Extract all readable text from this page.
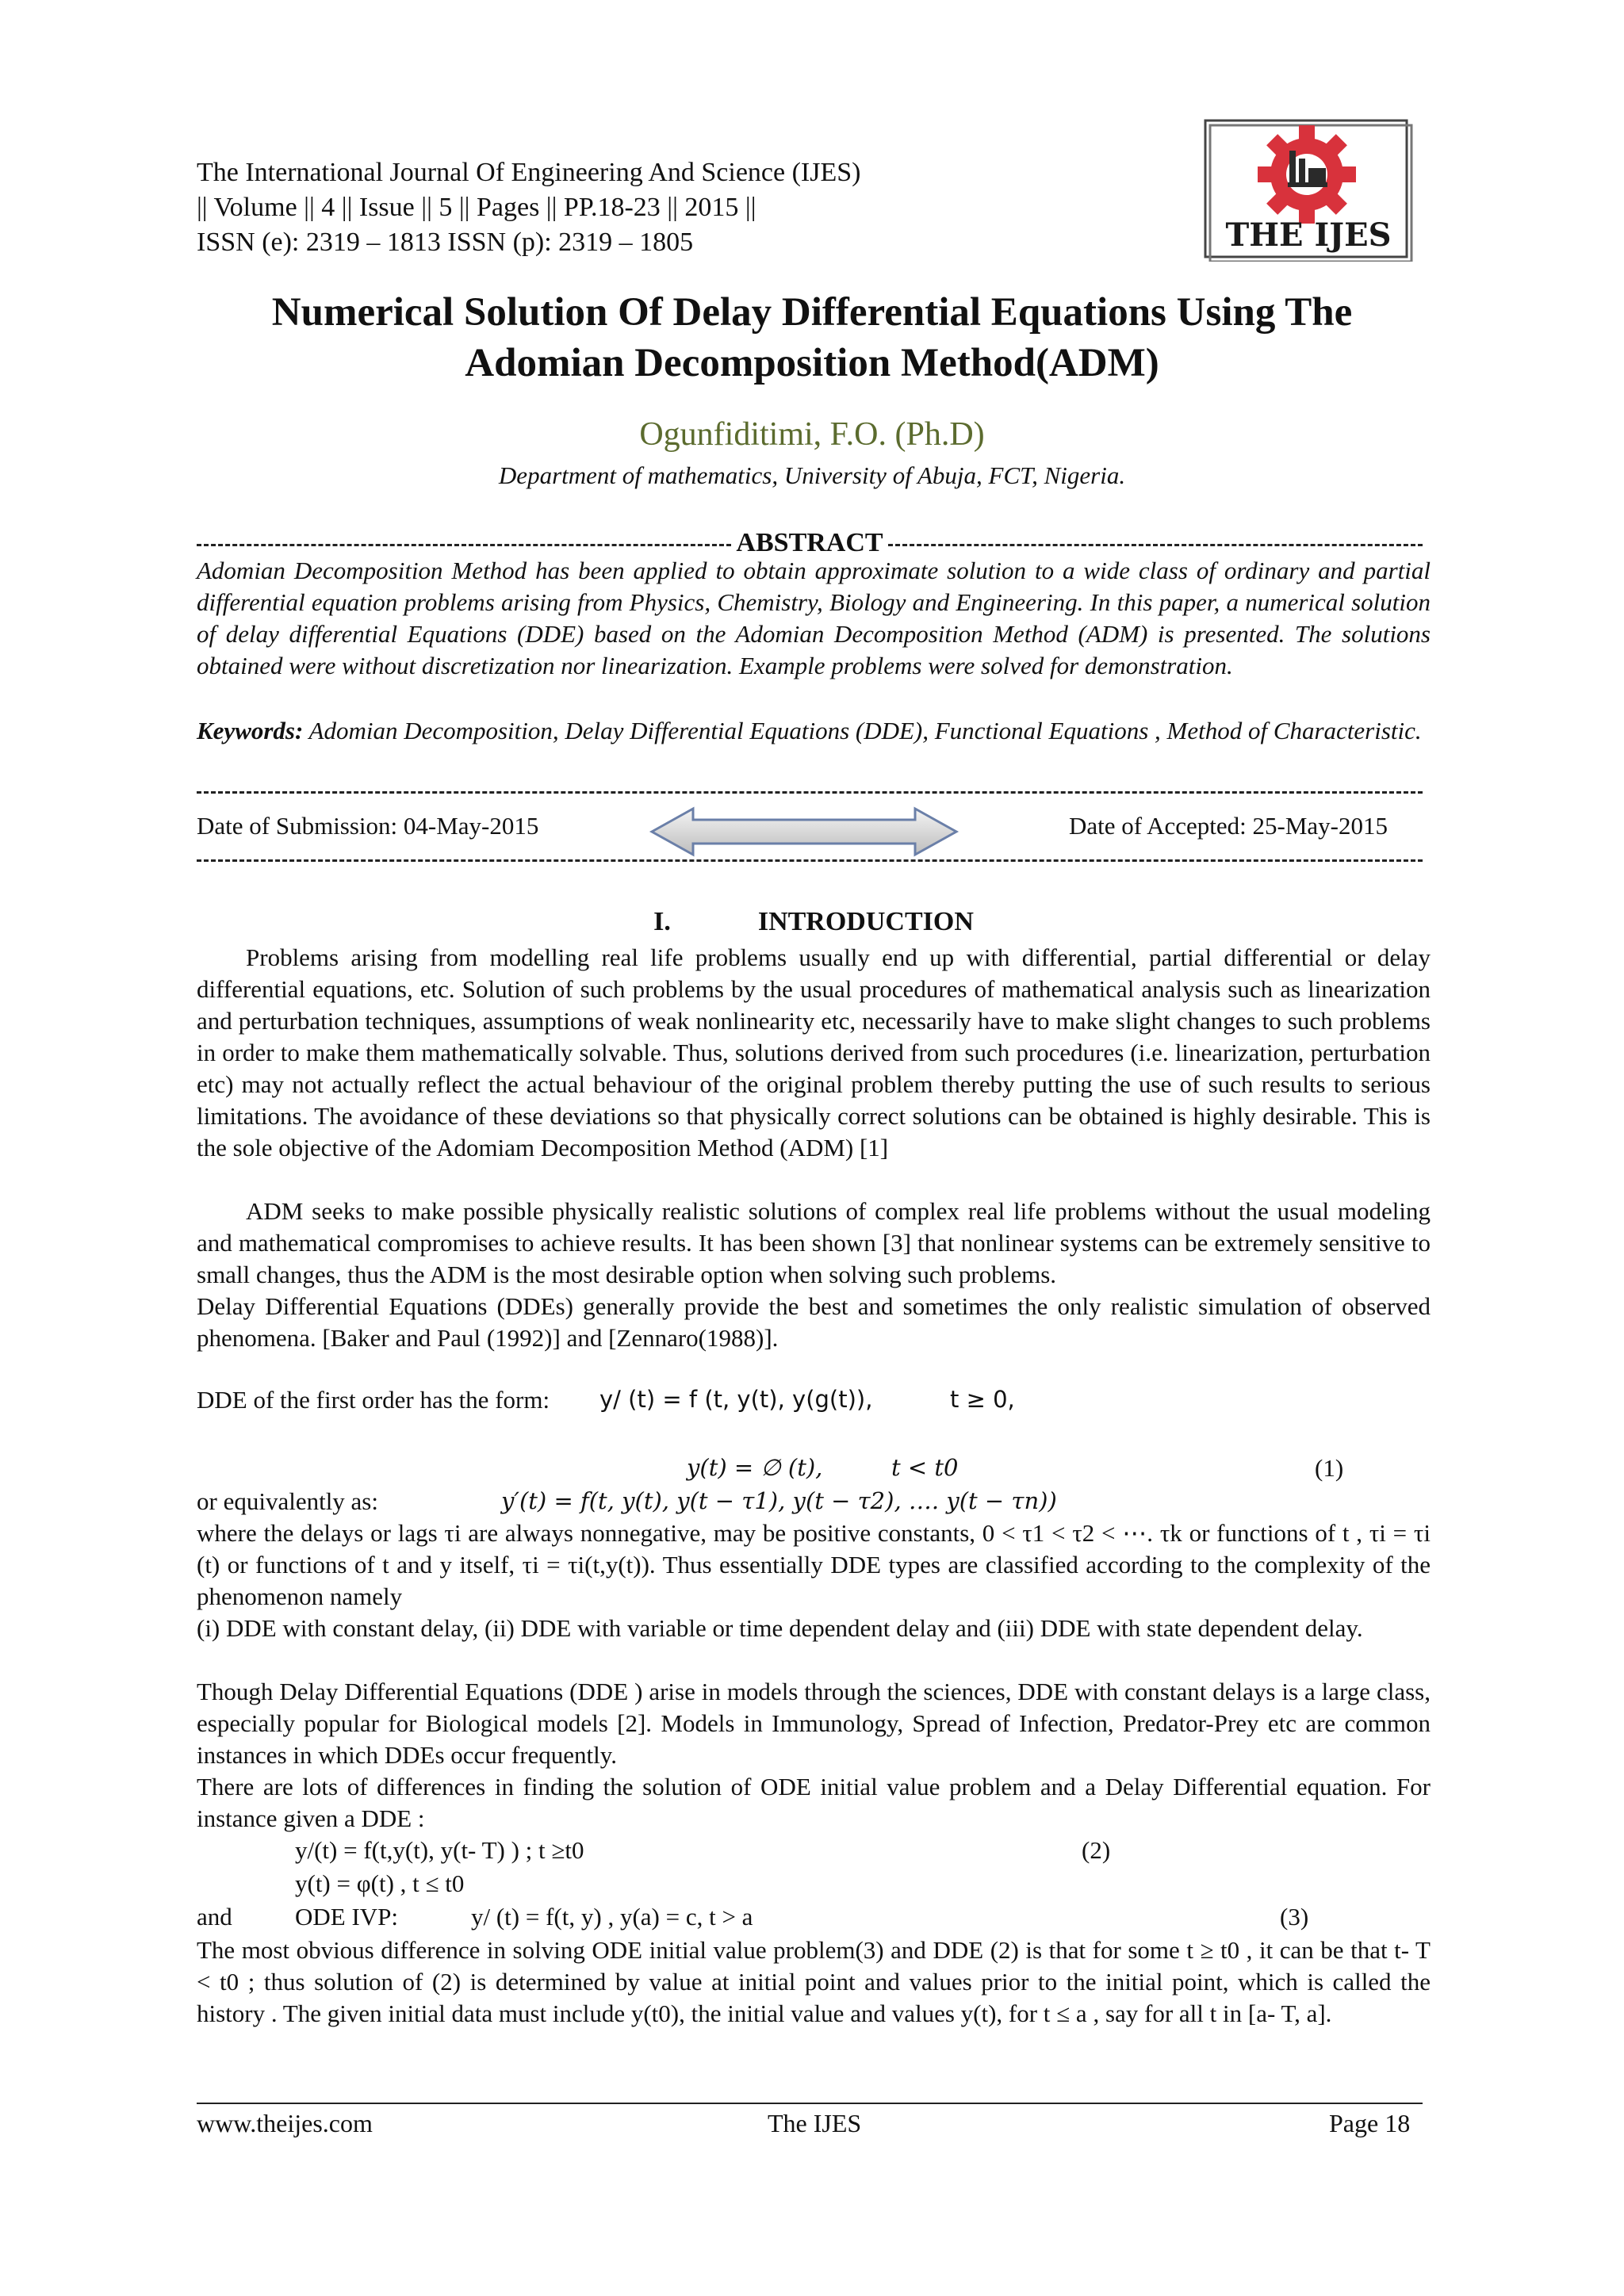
The International Journal Of Engineering And Science (IJES)
|| Volume || 4 || Issue || 5 || Pages || PP.18-23 || 2015 ||
ISSN (e): 2319 – 1813 ISSN (p): 2319 – 1805	THE IJES
Numerical Solution Of Delay Differential Equations Using The
Adomian Decomposition Method(ADM)
Ogunfiditimi, F.O. (Ph.D)
Department of mathematics, University of Abuja, FCT, Nigeria.
ABSTRACT
Adomian Decomposition Method has been applied to obtain approximate solution to a wide class of ordinary and partial differential equation problems arising from Physics, Chemistry, Biology and Engineering. In this paper, a numerical solution of delay differential Equations (DDE) based on the Adomian Decomposition Method (ADM) is presented. The solutions obtained were without discretization nor linearization. Example problems were solved for demonstration.
Keywords: Adomian Decomposition, Delay Differential Equations (DDE), Functional Equations , Method of Characteristic.
Date of Submission: 04-May-2015	Date of Accepted: 25-May-2015
I.	INTRODUCTION
Problems arising from modelling real life problems usually end up with differential, partial differential or delay differential equations, etc. Solution of such problems by the usual procedures of mathematical analysis such as linearization and perturbation techniques, assumptions of weak nonlinearity etc, necessarily have to make slight changes to such problems in order to make them mathematically solvable. Thus, solutions derived from such procedures (i.e. linearization, perturbation etc) may not actually reflect the actual behaviour of the original problem thereby putting the use of such results to serious limitations. The avoidance of these deviations so that physically correct solutions can be obtained is highly desirable. This is the sole objective of the Adomiam Decomposition Method (ADM) [1]
ADM seeks to make possible physically realistic solutions of complex real life problems without the usual modeling and mathematical compromises to achieve results. It has been shown [3] that nonlinear systems can be extremely sensitive to small changes, thus the ADM is the most desirable option when solving such problems.
Delay Differential Equations (DDEs) generally provide the best and sometimes the only realistic simulation of observed phenomena. [Baker and Paul (1992)] and [Zennaro(1988)].
DDE of the first order has the form: y/ (t) = f (t, y(t), y(g(t)),	t ≥ 0,
y(t) = ∅ (t),	t < t0	(1)
or equivalently as:	y′(t) = f(t, y(t), y(t − τ1), y(t − τ2), …. y(t − τn))
where the delays or lags τi are always nonnegative, may be positive constants, 0 < τ1 < τ2 < ⋯. τk or functions of t , τi = τi (t) or functions of t and y itself, τi = τi(t,y(t)). Thus essentially DDE types are classified according to the complexity of the phenomenon namely
(i) DDE with constant delay, (ii) DDE with variable or time dependent delay and (iii) DDE with state dependent delay.
Though Delay Differential Equations (DDE ) arise in models through the sciences, DDE with constant delays is a large class, especially popular for Biological models [2]. Models in Immunology, Spread of Infection, Predator-Prey etc are common instances in which DDEs occur frequently.
There are lots of differences in finding the solution of ODE initial value problem and a Delay Differential equation. For instance given a DDE :
y/(t) = f(t,y(t), y(t- T) ) ; t ≥t0	(2)
y(t) = φ(t) , t ≤ t0
and	ODE IVP:	y/ (t) = f(t, y) , y(a) = c, t > a	(3)
The most obvious difference in solving ODE initial value problem(3) and DDE (2) is that for some t ≥ t0 , it can be that t- T < t0 ; thus solution of (2) is determined by value at initial point and values prior to the initial point, which is called the history . The given initial data must include y(t0), the initial value and values y(t), for t ≤ a , say for all t in [a- T, a].
www.theijes.com	The IJES	Page 18
